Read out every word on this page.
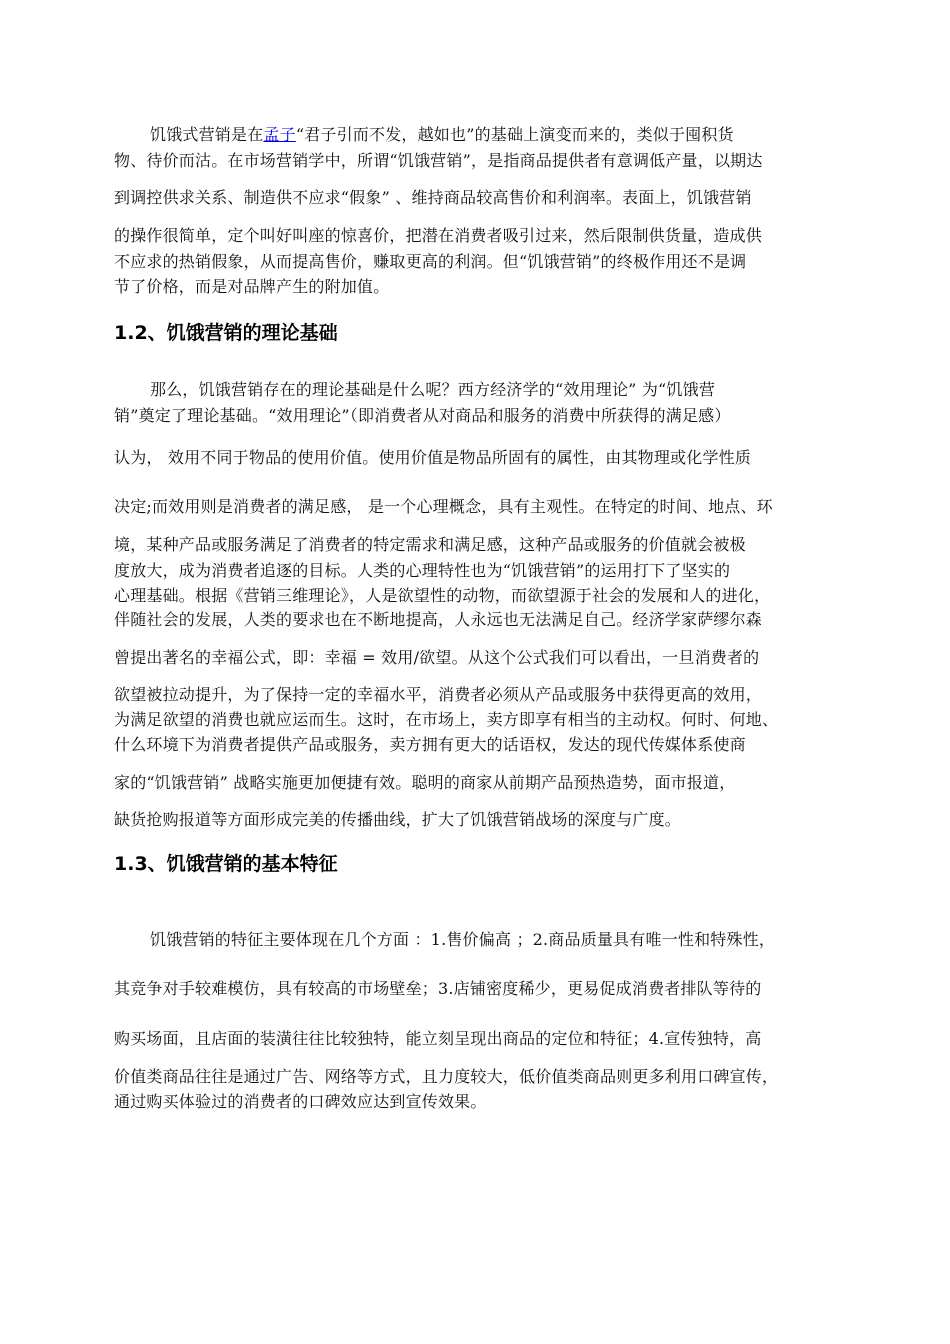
饥饿式营销是在孟子“君子引而不发，越如也”的基础上演变而来的，类似于囤积货
物、待价而沽。在市场营销学中，所谓“饥饿营销”，是指商品提供者有意调低产量，以期达
到调控供求关系、制造供不应求“假象” 、维持商品较高售价和利润率。表面上，饥饿营销
的操作很简单，定个叫好叫座的惊喜价，把潜在消费者吸引过来，然后限制供货量，造成供
不应求的热销假象，从而提高售价，赚取更高的利润。但“饥饿营销”的终极作用还不是调
节了价格，而是对品牌产生的附加值。
1.2、饥饿营销的理论基础
那么，饥饿营销存在的理论基础是什么呢？西方经济学的“效用理论” 为“饥饿营
销”奠定了理论基础。“效用理论”（即消费者从对商品和服务的消费中所获得的满足感）
认为， 效用不同于物品的使用价值。使用价值是物品所固有的属性，由其物理或化学性质
决定;而效用则是消费者的满足感， 是一个心理概念，具有主观性。在特定的时间、地点、环
境，某种产品或服务满足了消费者的特定需求和满足感，这种产品或服务的价值就会被极
度放大，成为消费者追逐的目标。人类的心理特性也为“饥饿营销”的运用打下了坚实的
心理基础。根据《营销三维理论》，人是欲望性的动物，而欲望源于社会的发展和人的进化，
伴随社会的发展，人类的要求也在不断地提高，人永远也无法满足自己。经济学家萨缪尔森
曾提出著名的幸福公式，即：幸福 = 效用/欲望。从这个公式我们可以看出，一旦消费者的
欲望被拉动提升，为了保持一定的幸福水平，消费者必须从产品或服务中获得更高的效用，
为满足欲望的消费也就应运而生。这时，在市场上，卖方即享有相当的主动权。何时、何地、
什么环境下为消费者提供产品或服务，卖方拥有更大的话语权，发达的现代传媒体系使商
家的“饥饿营销” 战略实施更加便捷有效。聪明的商家从前期产品预热造势，面市报道，
缺货抢购报道等方面形成完美的传播曲线，扩大了饥饿营销战场的深度与广度。
1.3、饥饿营销的基本特征
饥饿营销的特征主要体现在几个方面 ：1.售价偏高 ；2.商品质量具有唯一性和特殊性，
其竞争对手较难模仿，具有较高的市场壁垒；3.店铺密度稀少，更易促成消费者排队等待的
购买场面，且店面的装潢往往比较独特，能立刻呈现出商品的定位和特征；4.宣传独特，高
价值类商品往往是通过广告、网络等方式，且力度较大，低价值类商品则更多利用口碑宣传，
通过购买体验过的消费者的口碑效应达到宣传效果。
